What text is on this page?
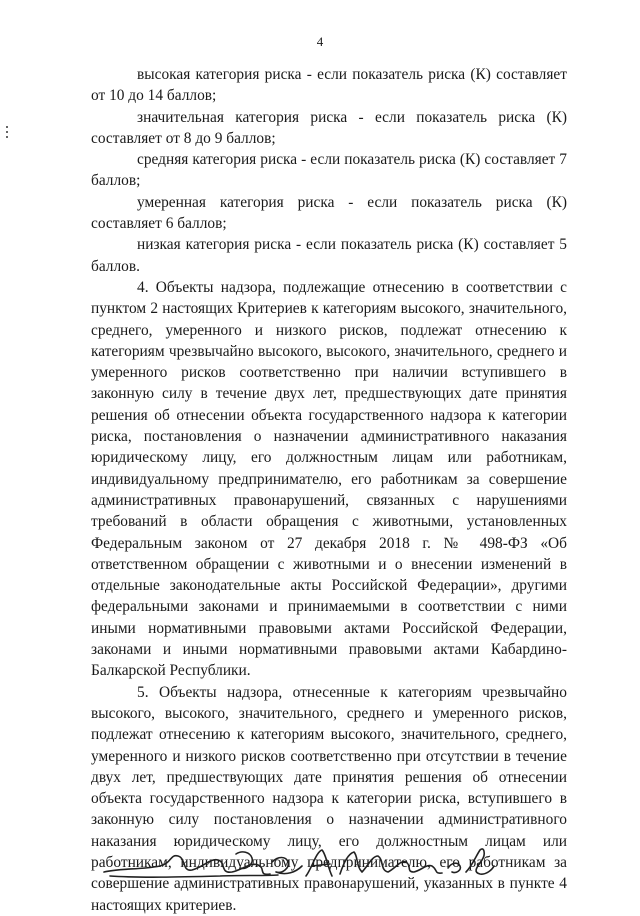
4

высокая категория риска - если показатель риска (К) составляет от 10 до 14 баллов;

значительная категория риска - если показатель риска (К) составляет от 8 до 9 баллов;

средняя категория риска - если показатель риска (К) составляет 7 баллов;

умеренная категория риска - если показатель риска (К) составляет 6 баллов;

низкая категория риска - если показатель риска (К) составляет 5 баллов.

4. Объекты надзора, подлежащие отнесению в соответствии с пунктом 2 настоящих Критериев к категориям высокого, значительного, среднего, умеренного и низкого рисков, подлежат отнесению к категориям чрезвычайно высокого, высокого, значительного, среднего и умеренного рисков соответственно при наличии вступившего в законную силу в течение двух лет, предшествующих дате принятия решения об отнесении объекта государственного надзора к категории риска, постановления о назначении административного наказания юридическому лицу, его должностным лицам или работникам, индивидуальному предпринимателю, его работникам за совершение административных правонарушений, связанных с нарушениями требований в области обращения с животными, установленных Федеральным законом от 27 декабря 2018 г. № 498-ФЗ «Об ответственном обращении с животными и о внесении изменений в отдельные законодательные акты Российской Федерации», другими федеральными законами и принимаемыми в соответствии с ними иными нормативными правовыми актами Российской Федерации, законами и иными нормативными правовыми актами Кабардино-Балкарской Республики.

5. Объекты надзора, отнесенные к категориям чрезвычайно высокого, высокого, значительного, среднего и умеренного рисков, подлежат отнесению к категориям высокого, значительного, среднего, умеренного и низкого рисков соответственно при отсутствии в течение двух лет, предшествующих дате принятия решения об отнесении объекта государственного надзора к категории риска, вступившего в законную силу постановления о назначении административного наказания юридическому лицу, его должностным лицам или работникам, индивидуальному предпринимателю, его работникам за совершение административных правонарушений, указанных в пункте 4 настоящих критериев.
